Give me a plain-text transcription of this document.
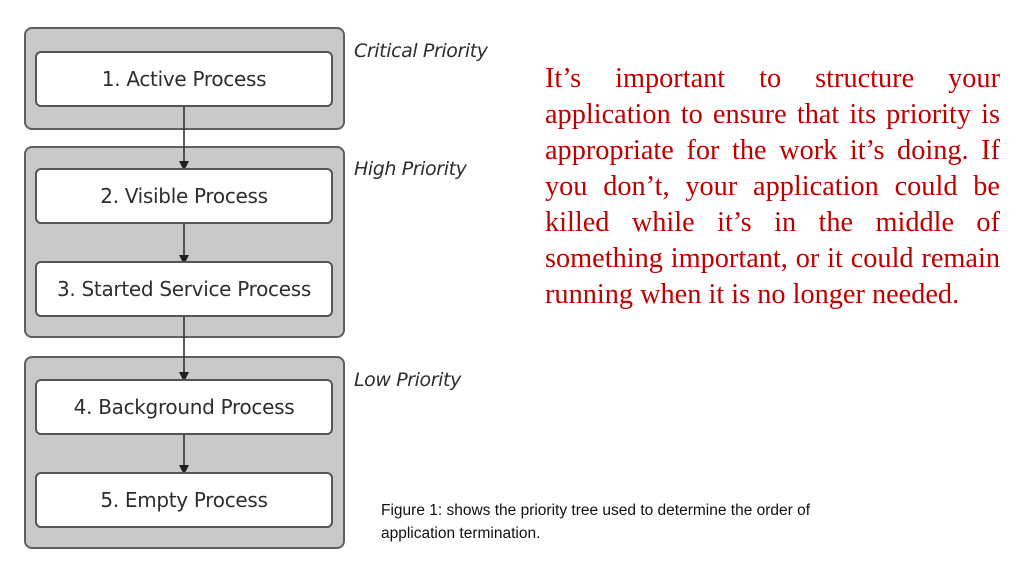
1. Active Process
2. Visible Process
3. Started Service Process
4. Background Process
5. Empty Process
Critical Priority
High Priority
Low Priority

It’s important to structure your application to ensure that its priority is appropriate for the work it’s doing. If you don’t, your application could be killed while it’s in the middle of something important, or it could remain running when it is no longer needed.

Figure 1: shows the priority tree used to determine the order of application termination.
